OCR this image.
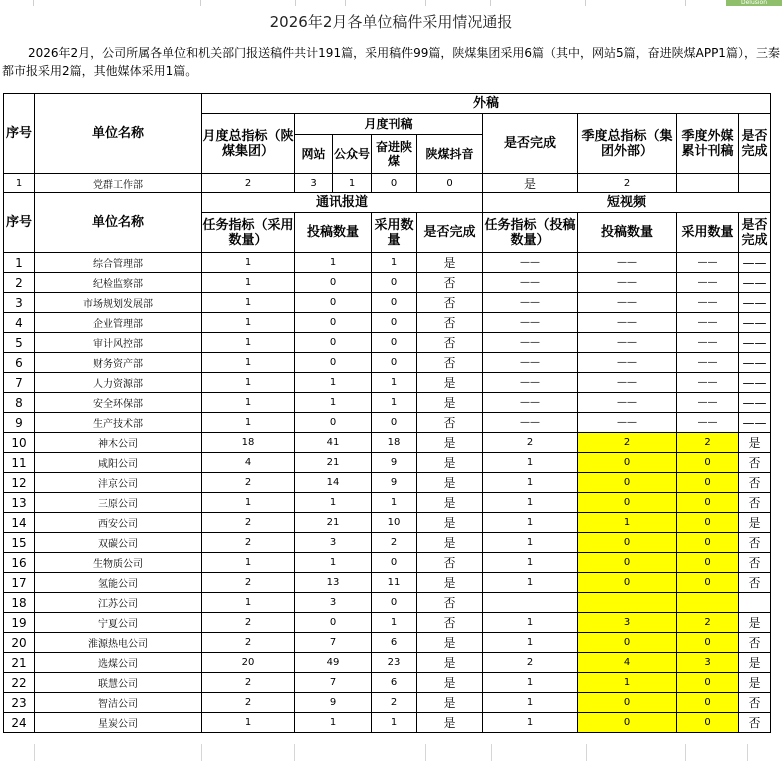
Delusion
2026年2月各单位稿件采用情况通报
2026年2月，公司所属各单位和机关部门报送稿件共计191篇，采用稿件99篇，陕煤集团采用6篇（其中，网站5篇，奋进陕煤APP1篇），三秦都市报采用2篇，其他媒体采用1篇。
序号	单位名称	外稿								
		月度总指标（陕煤集团）	月度刊稿				是否完成	季度总指标（集团外部）	季度外媒累计刊稿	是否完成
			网站	公众号	奋进陕煤	陕煤抖音				

1	党群工作部	2	3	1	0	0	是	2		
序号	单位名称	通讯报道					短视频			
		任务指标（采用数量）	投稿数量		采用数量	是否完成	任务指标（投稿数量）	投稿数量	采用数量	是否完成

1	综合管理部	1	1		1	是	——	——	——	——
2	纪检监察部	1	0		0	否	——	——	——	——
3	市场规划发展部	1	0		0	否	——	——	——	——
4	企业管理部	1	0		0	否	——	——	——	——
5	审计风控部	1	0		0	否	——	——	——	——
6	财务资产部	1	0		0	否	——	——	——	——
7	人力资源部	1	1		1	是	——	——	——	——
8	安全环保部	1	1		1	是	——	——	——	——
9	生产技术部	1	0		0	否	——	——	——	——
10	神木公司	18	41		18	是	2	2	2	是
11	咸阳公司	4	21		9	是	1	0	0	否
12	沣京公司	2	14		9	是	1	0	0	否
13	三原公司	1	1		1	是	1	0	0	否
14	西安公司	2	21		10	是	1	1	0	是
15	双碳公司	2	3		2	是	1	0	0	否
16	生物质公司	1	1		0	否	1	0	0	否
17	氢能公司	2	13		11	是	1	0	0	否
18	江苏公司	1	3		0	否				
19	宁夏公司	2	0		1	否	1	3	2	是
20	淮源热电公司	2	7		6	是	1	0	0	否
21	选煤公司	20	49		23	是	2	4	3	是
22	联慧公司	2	7		6	是	1	1	0	是
23	智洁公司	2	9		2	是	1	0	0	否
24	星炭公司	1	1		1	是	1	0	0	否
